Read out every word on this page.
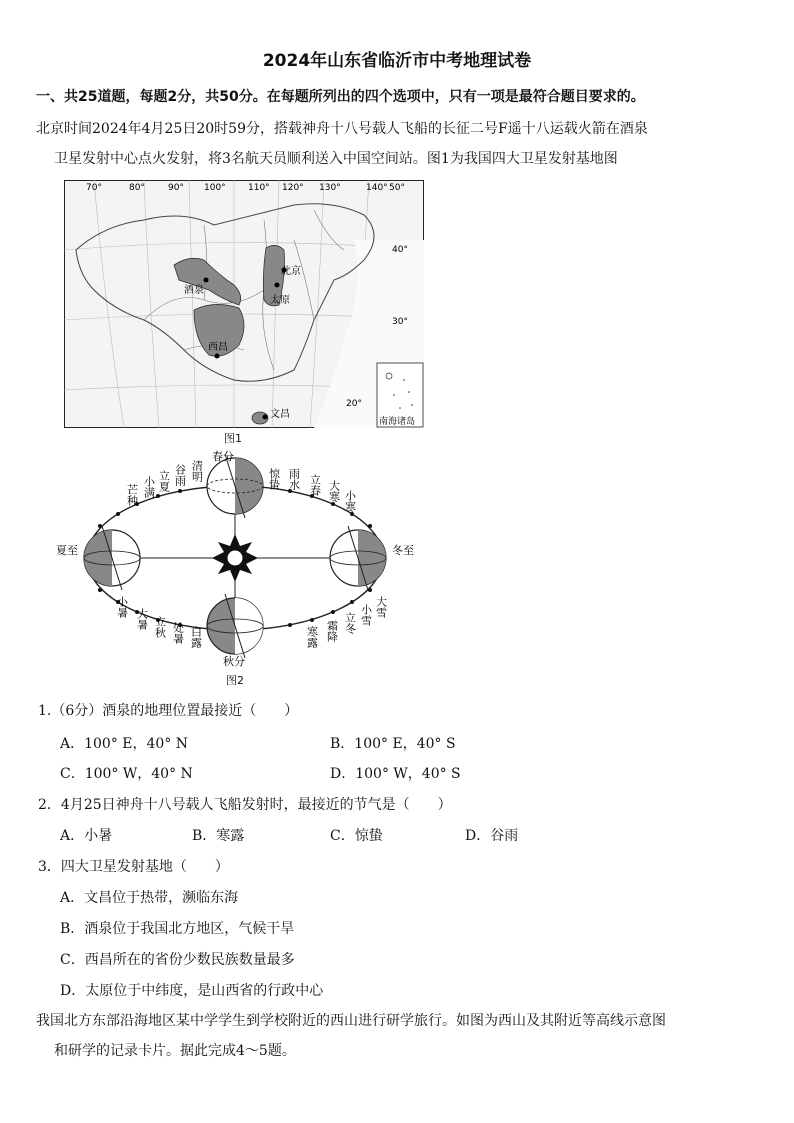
2024年山东省临沂市中考地理试卷
一、共25道题，每题2分，共50分。在每题所列出的四个选项中，只有一项是最符合题目要求的。
北京时间2024年4月25日20时59分，搭载神舟十八号载人飞船的长征二号F遥十八运载火箭在酒泉
卫星发射中心点火发射，将3名航天员顺利送入中国空间站。图1为我国四大卫星发射基地图
70°	80°	90° 100° 110° 120° 130°	140° 50°
40°
30°
20°
酒泉
北京
太原
西昌
文昌
南海诸岛
图1
春分
夏至
秋分
冬至
惊蛰 雨水 立春 大寒 小寒
大雪
小雪
立冬
霜降
寒露
白露
处暑
立秋
大暑
小暑
芒种 小满 立夏 谷雨 清明
图2
1.（6分）酒泉的地理位置最接近（　　）
A．100° E，40° N	B．100° E，40° S
C．100° W，40° N	D．100° W，40° S
2．4月25日神舟十八号载人飞船发射时，最接近的节气是（　　）
A．小暑	B．寒露	C．惊蛰	D．谷雨
3．四大卫星发射基地（　　）
A．文昌位于热带，濒临东海
B．酒泉位于我国北方地区，气候干旱
C．西昌所在的省份少数民族数量最多
D．太原位于中纬度，是山西省的行政中心
我国北方东部沿海地区某中学学生到学校附近的西山进行研学旅行。如图为西山及其附近等高线示意图
和研学的记录卡片。据此完成4～5题。
